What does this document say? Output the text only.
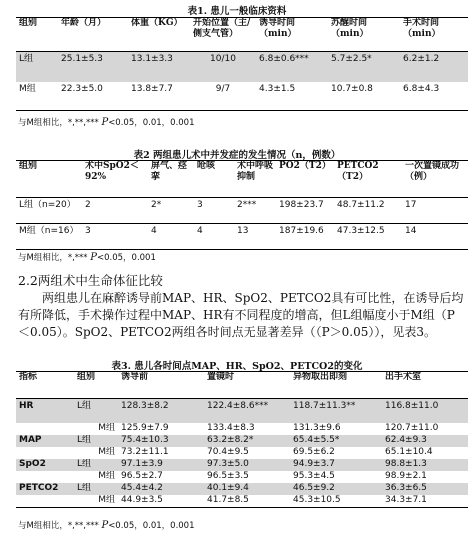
表1. 患儿一般临床资料
组别	年龄（月）	体重（KG）	开始位置（主/侧支气管）	诱导时间（min）	苏醒时间（min）	手术时间（min）
L组	25.1±5.3	13.1±3.3	10/10	6.8±0.6***	5.7±2.5*	6.2±1.2
M组	22.3±5.0	13.8±7.7	9/7	4.3±1.5	10.7±0.8	6.8±4.3
与M组相比，*,**,*** P<0.05，0.01，0.001
表2 两组患儿术中并发症的发生情况（n，例数）
组别	术中SpO2＜92%	屏气、痉挛	呛咳	术中呼吸抑制	PO2（T2）	PETCO2（T2）	一次置镜成功（例）
L组（n=20）	2	2*	3	2***	198±23.7	48.7±11.2	17
M组（n=16）	3	4	4	13	187±19.6	47.3±12.5	14
与M组相比，*,*** P<0.05，0.001
2.2两组术中生命体征比较

两组患儿在麻醉诱导前MAP、HR、SpO2、PETCO2具有可比性，在诱导后均有所降低，手术操作过程中MAP、HR有不同程度的增高，但L组幅度小于M组（P＜0.05）。SpO2、PETCO2两组各时间点无显著差异（（P＞0.05）），见表3。

表3. 患儿各时间点MAP、HR、SpO2、PETCO2的变化
指标	组别	诱导前	置镜时	异物取出即刻	出手术室
HR	L组	128.3±8.2	122.4±8.6***	118.7±11.3**	116.8±11.0
	M组	125.9±7.9	133.4±8.3	131.3±9.6	120.7±11.0
MAP	L组	75.4±10.3	63.2±8.2*	65.4±5.5*	62.4±9.3
	M组	73.2±11.1	70.4±9.5	69.5±6.2	65.1±10.4
SpO2	L组	97.1±3.9	97.3±5.0	94.9±3.7	98.8±1.3
	M组	96.5±2.7	96.5±3.5	95.3±4.5	98.9±2.1
PETCO2	L组	45.4±4.2	40.1±9.4	46.5±9.2	36.3±6.5
	M组	44.9±3.5	41.7±8.5	45.3±10.5	34.3±7.1
与M组相比，*,**,*** P<0.05，0.01，0.001
